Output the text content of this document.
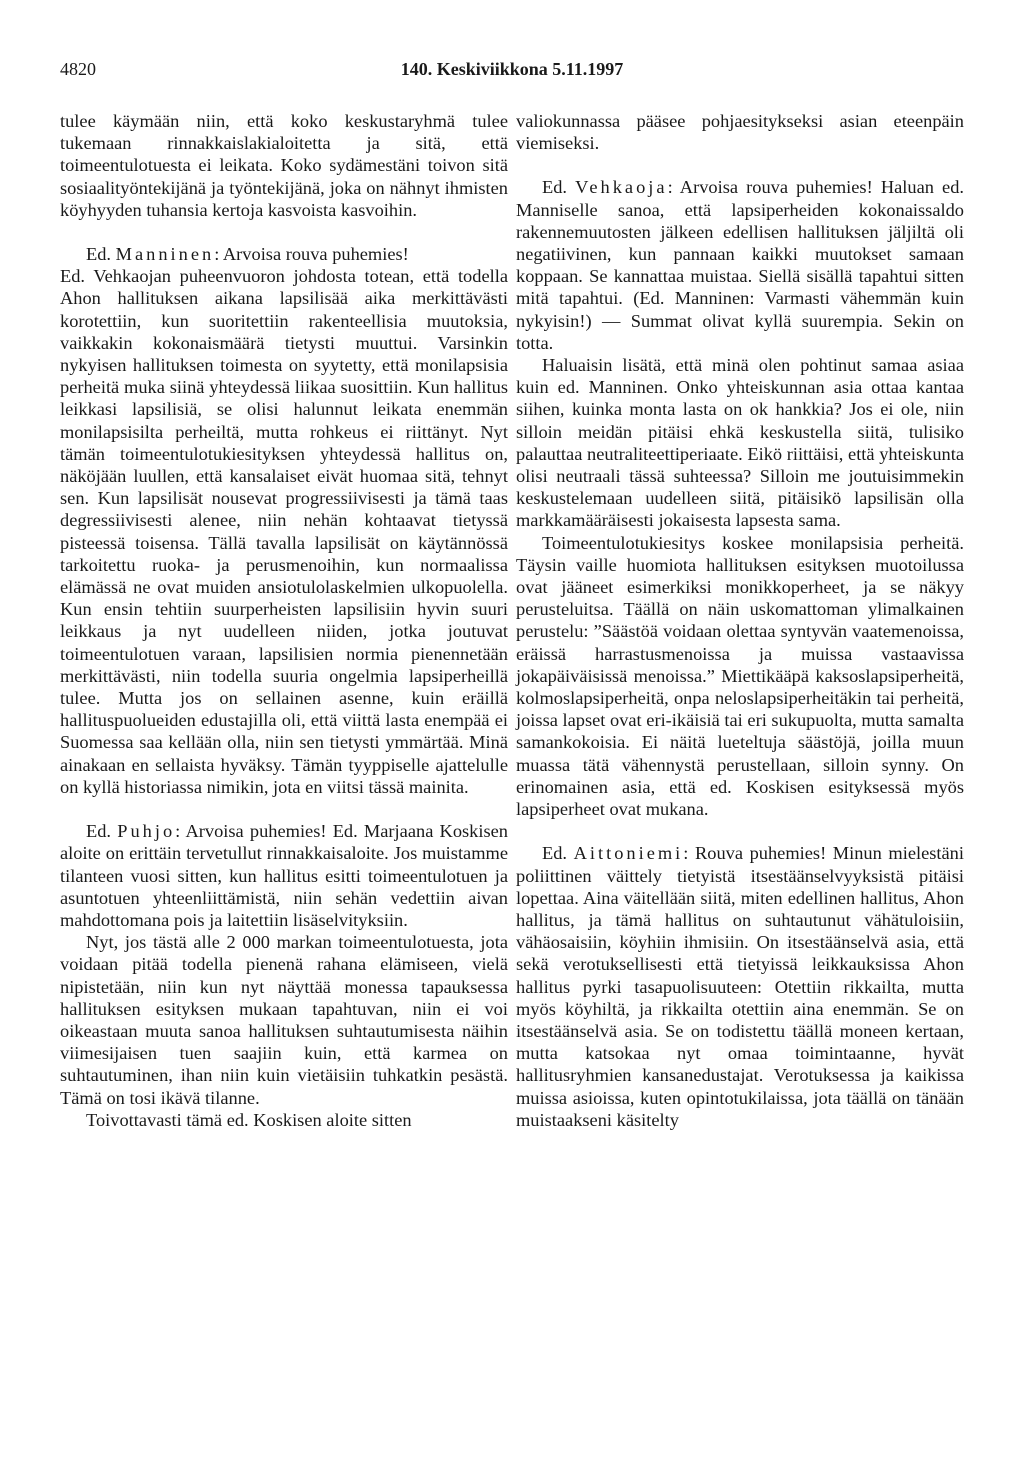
4820	140. Keskiviikkona 5.11.1997

tulee käymään niin, että koko keskustaryhmä tulee tukemaan rinnakkaislakialoitetta ja sitä, että toimeentulotuesta ei leikata. Koko sydämestäni toivon sitä sosiaalityöntekijänä ja työntekijänä, joka on nähnyt ihmisten köyhyyden tuhansia kertoja kasvoista kasvoihin.

Ed. Manninen: Arvoisa rouva puhemies!

Ed. Vehkaojan puheenvuoron johdosta totean, että todella Ahon hallituksen aikana lapsilisää aika merkittävästi korotettiin, kun suoritettiin rakenteellisia muutoksia, vaikkakin kokonaismäärä tietysti muuttui. Varsinkin nykyisen hallituksen toimesta on syytetty, että monilapsisia perheitä muka siinä yhteydessä liikaa suosittiin. Kun hallitus leikkasi lapsilisiä, se olisi halunnut leikata enemmän monilapsisilta perheiltä, mutta rohkeus ei riittänyt. Nyt tämän toimeentulotukiesityksen yhteydessä hallitus on, näköjään luullen, että kansalaiset eivät huomaa sitä, tehnyt sen. Kun lapsilisät nousevat progressiivisesti ja tämä taas degressiivisesti alenee, niin nehän kohtaavat tietyssä pisteessä toisensa. Tällä tavalla lapsilisät on käytännössä tarkoitettu ruoka- ja perusmenoihin, kun normaalissa elämässä ne ovat muiden ansiotulolaskelmien ulkopuolella. Kun ensin tehtiin suurperheisten lapsilisiin hyvin suuri leikkaus ja nyt uudelleen niiden, jotka joutuvat toimeentulotuen varaan, lapsilisien normia pienennetään merkittävästi, niin todella suuria ongelmia lapsiperheillä tulee. Mutta jos on sellainen asenne, kuin eräillä hallituspuolueiden edustajilla oli, että viittä lasta enempää ei Suomessa saa kellään olla, niin sen tietysti ymmärtää. Minä ainakaan en sellaista hyväksy. Tämän tyyppiselle ajattelulle on kyllä historiassa nimikin, jota en viitsi tässä mainita.

Ed. Puhjo: Arvoisa puhemies! Ed. Marjaana Koskisen aloite on erittäin tervetullut rinnakkaisaloite. Jos muistamme tilanteen vuosi sitten, kun hallitus esitti toimeentulotuen ja asuntotuen yhteenliittämistä, niin sehän vedettiin aivan mahdottomana pois ja laitettiin lisäselvityksiin.

Nyt, jos tästä alle 2 000 markan toimeentulotuesta, jota voidaan pitää todella pienenä rahana elämiseen, vielä nipistetään, niin kun nyt näyttää monessa tapauksessa hallituksen esityksen mukaan tapahtuvan, niin ei voi oikeastaan muuta sanoa hallituksen suhtautumisesta näihin viimesijaisen tuen saajiin kuin, että karmea on suhtautuminen, ihan niin kuin vietäisiin tuhkatkin pesästä. Tämä on tosi ikävä tilanne.

Toivottavasti tämä ed. Koskisen aloite sitten

valiokunnassa pääsee pohjaesitykseksi asian eteenpäin viemiseksi.

Ed. Vehkaoja: Arvoisa rouva puhemies! Haluan ed. Manniselle sanoa, että lapsiperheiden kokonaissaldo rakennemuutosten jälkeen edellisen hallituksen jäljiltä oli negatiivinen, kun pannaan kaikki muutokset samaan koppaan. Se kannattaa muistaa. Siellä sisällä tapahtui sitten mitä tapahtui. (Ed. Manninen: Varmasti vähemmän kuin nykyisin!) — Summat olivat kyllä suurempia. Sekin on totta.

Haluaisin lisätä, että minä olen pohtinut samaa asiaa kuin ed. Manninen. Onko yhteiskunnan asia ottaa kantaa siihen, kuinka monta lasta on ok hankkia? Jos ei ole, niin silloin meidän pitäisi ehkä keskustella siitä, tulisiko palauttaa neutraliteettiperiaate. Eikö riittäisi, että yhteiskunta olisi neutraali tässä suhteessa? Silloin me joutuisimmekin keskustelemaan uudelleen siitä, pitäisikö lapsilisän olla markkamääräisesti jokaisesta lapsesta sama.

Toimeentulotukiesitys koskee monilapsisia perheitä. Täysin vaille huomiota hallituksen esityksen muotoilussa ovat jääneet esimerkiksi monikkoperheet, ja se näkyy perusteluitsa. Täällä on näin uskomattoman ylimalkainen perustelu: ”Säästöä voidaan olettaa syntyvän vaatemenoissa, eräissä harrastusmenoissa ja muissa vastaavissa jokapäiväisissä menoissa.” Miettikääpä kaksoslapsiperheitä, kolmoslapsiperheitä, onpa neloslapsiperheitäkin tai perheitä, joissa lapset ovat eri-ikäisiä tai eri sukupuolta, mutta samalta samankokoisia. Ei näitä lueteltuja säästöjä, joilla muun muassa tätä vähennystä perustellaan, silloin synny. On erinomainen asia, että ed. Koskisen esityksessä myös lapsiperheet ovat mukana.

Ed. Aittoniemi: Rouva puhemies! Minun mielestäni poliittinen väittely tietyistä itsestäänselvyyksistä pitäisi lopettaa. Aina väitellään siitä, miten edellinen hallitus, Ahon hallitus, ja tämä hallitus on suhtautunut vähätuloisiin, vähäosaisiin, köyhiin ihmisiin. On itsestäänselvä asia, että sekä verotuksellisesti että tietyissä leikkauksissa Ahon hallitus pyrki tasapuolisuuteen: Otettiin rikkailta, mutta myös köyhiltä, ja rikkailta otettiin aina enemmän. Se on itsestäänselvä asia. Se on todistettu täällä moneen kertaan, mutta katsokaa nyt omaa toimintaanne, hyvät hallitusryhmien kansanedustajat. Verotuksessa ja kaikissa muissa asioissa, kuten opintotukilaissa, jota täällä on tänään muistaakseni käsitelty
